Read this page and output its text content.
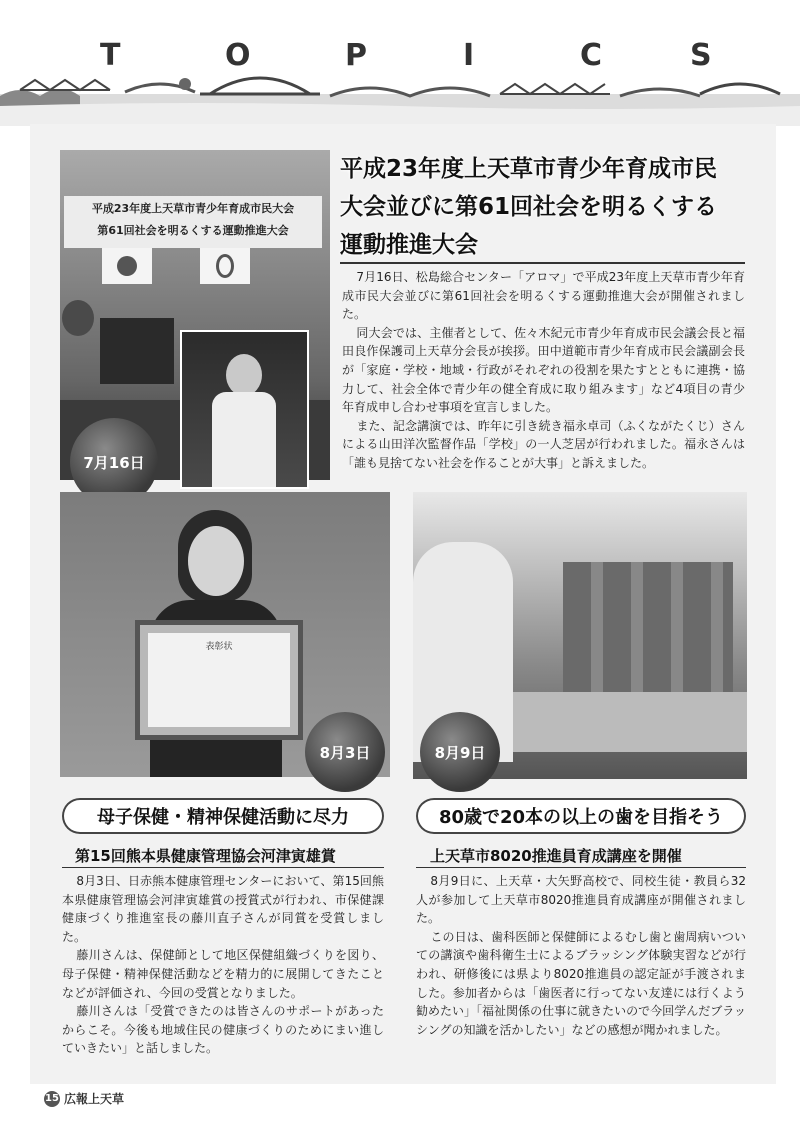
T	O	P	I	C	S
平成23年度上天草市青少年育成市民大会
第61回社会を明るくする運動推進大会
7月16日
平成23年度上天草市青少年育成市民
大会並びに第61回社会を明るくする
運動推進大会

7月16日、松島総合センター「アロマ」で平成23年度上天草市青少年育成市民大会並びに第61回社会を明るくする運動推進大会が開催されました。

同大会では、主催者として、佐々木紀元市青少年育成市民会議会長と福田良作保護司上天草分会長が挨拶。田中道範市青少年育成市民会議副会長が「家庭・学校・地域・行政がそれぞれの役割を果たすとともに連携・協力して、社会全体で青少年の健全育成に取り組みます」など4項目の青少年育成申し合わせ事項を宣言しました。

また、記念講演では、昨年に引き続き福永卓司（ふくながたくじ）さんによる山田洋次監督作品「学校」の一人芝居が行われました。福永さんは「誰も見捨てない社会を作ることが大事」と訴えました。

表彰状
8月3日	8月9日
母子保健・精神保健活動に尽力
第15回熊本県健康管理協会河津寅雄賞

8月3日、日赤熊本健康管理センターにおいて、第15回熊本県健康管理協会河津寅雄賞の授賞式が行われ、市保健課健康づくり推進室長の藤川直子さんが同賞を受賞しました。

藤川さんは、保健師として地区保健組織づくりを図り、母子保健・精神保健活動などを精力的に展開してきたことなどが評価され、今回の受賞となりました。

藤川さんは「受賞できたのは皆さんのサポートがあったからこそ。今後も地域住民の健康づくりのためにまい進していきたい」と話しました。

80歳で20本の以上の歯を目指そう
上天草市8020推進員育成講座を開催

8月9日に、上天草・大矢野高校で、同校生徒・教員ら32人が参加して上天草市8020推進員育成講座が開催されました。

この日は、歯科医師と保健師によるむし歯と歯周病いついての講演や歯科衛生士によるブラッシング体験実習などが行われ、研修後には県より8020推進員の認定証が手渡されました。参加者からは「歯医者に行ってない友達には行くよう勧めたい」「福祉関係の仕事に就きたいので今回学んだブラッシングの知識を活かしたい」などの感想が聞かれました。

15 広報上天草
